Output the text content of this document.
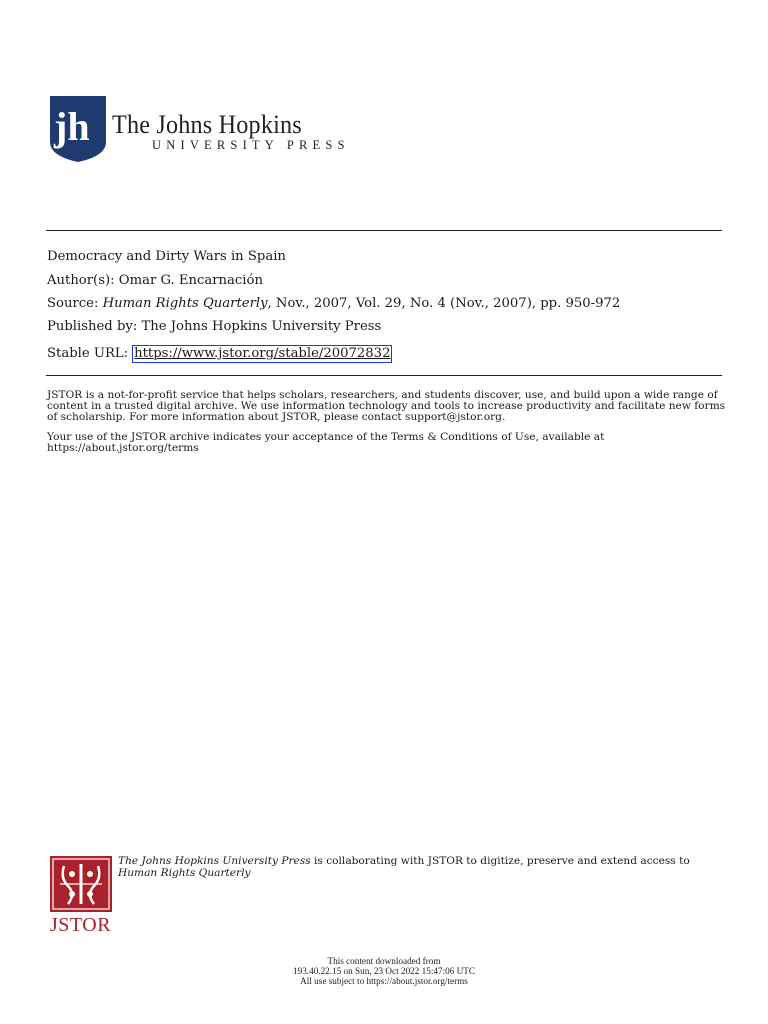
jh The Johns Hopkins
UNIVERSITY PRESS
Democracy and Dirty Wars in Spain
Author(s): Omar G. Encarnación
Source: Human Rights Quarterly, Nov., 2007, Vol. 29, No. 4 (Nov., 2007), pp. 950-972
Published by: The Johns Hopkins University Press
Stable URL: https://www.jstor.org/stable/20072832
JSTOR is a not-for-profit service that helps scholars, researchers, and students discover, use, and build upon a wide range of content in a trusted digital archive. We use information technology and tools to increase productivity and facilitate new forms of scholarship. For more information about JSTOR, please contact support@jstor.org.
Your use of the JSTOR archive indicates your acceptance of the Terms & Conditions of Use, available at https://about.jstor.org/terms
JSTOR
The Johns Hopkins University Press is collaborating with JSTOR to digitize, preserve and extend access to Human Rights Quarterly
This content downloaded from
193.40.22.15 on Sun, 23 Oct 2022 15:47:06 UTC
All use subject to https://about.jstor.org/terms
